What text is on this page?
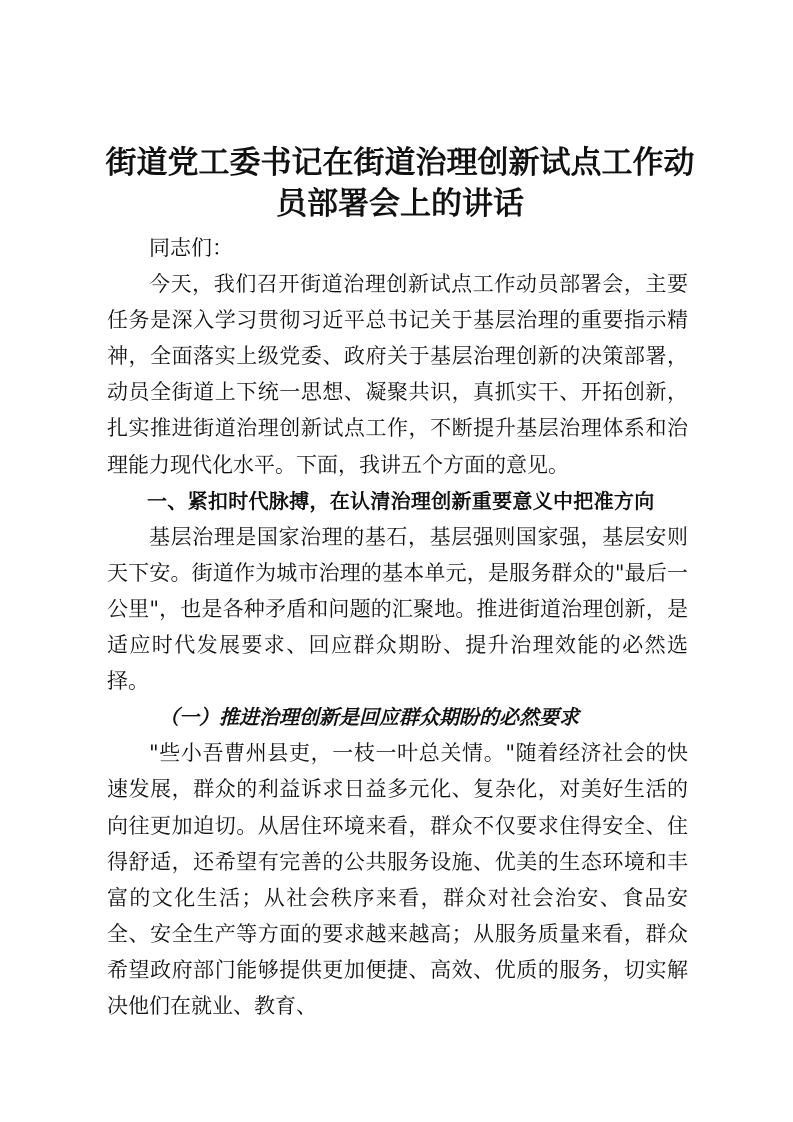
街道党工委书记在街道治理创新试点工作动员部署会上的讲话

同志们：

今天，我们召开街道治理创新试点工作动员部署会，主要任务是深入学习贯彻习近平总书记关于基层治理的重要指示精神，全面落实上级党委、政府关于基层治理创新的决策部署，动员全街道上下统一思想、凝聚共识，真抓实干、开拓创新，扎实推进街道治理创新试点工作，不断提升基层治理体系和治理能力现代化水平。下面，我讲五个方面的意见。

一、紧扣时代脉搏，在认清治理创新重要意义中把准方向

基层治理是国家治理的基石，基层强则国家强，基层安则天下安。街道作为城市治理的基本单元，是服务群众的"最后一公里"，也是各种矛盾和问题的汇聚地。推进街道治理创新，是适应时代发展要求、回应群众期盼、提升治理效能的必然选择。

（一）推进治理创新是回应群众期盼的必然要求

"些小吾曹州县吏，一枝一叶总关情。"随着经济社会的快速发展，群众的利益诉求日益多元化、复杂化，对美好生活的向往更加迫切。从居住环境来看，群众不仅要求住得安全、住得舒适，还希望有完善的公共服务设施、优美的生态环境和丰富的文化生活；从社会秩序来看，群众对社会治安、食品安全、安全生产等方面的要求越来越高；从服务质量来看，群众希望政府部门能够提供更加便捷、高效、优质的服务，切实解决他们在就业、教育、
